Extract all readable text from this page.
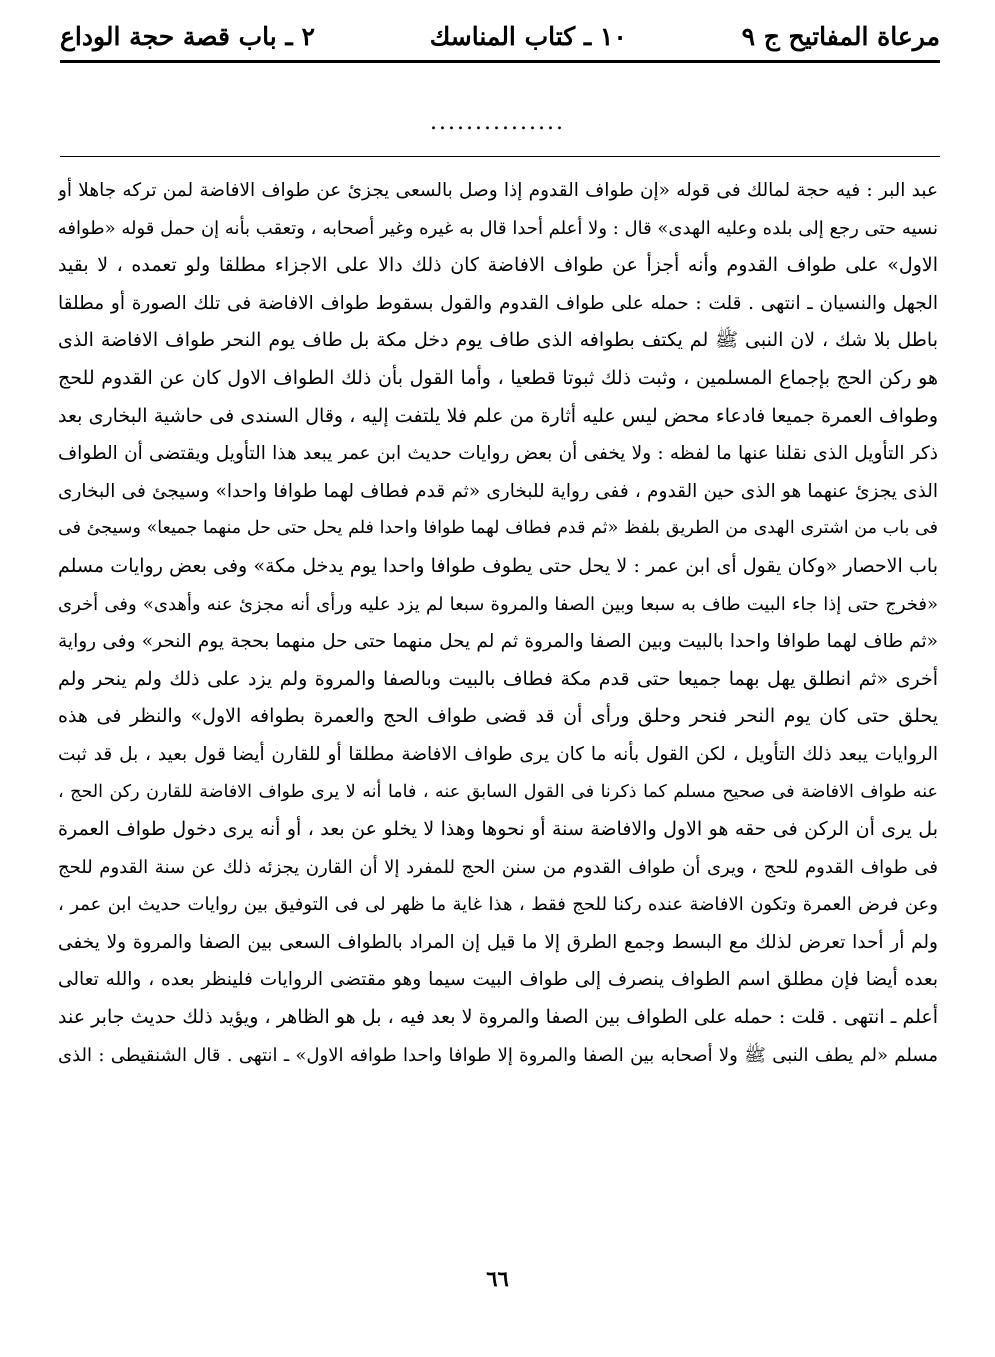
مرعاة المفاتيح ج ٩
١٠ ـ كتاب المناسك
٢ ـ باب قصة حجة الوداع
...............
عبد البر : فيه حجة لمالك فى قوله «إن طواف القدوم إذا وصل بالسعى يجزئ عن طواف الافاضة لمن تركه جاهلا أو
نسيه حتى رجع إلى بلده وعليه الهدى» قال : ولا أعلم أحدا قال به غيره وغير أصحابه ، وتعقب بأنه إن حمل قوله «طوافه
الاول» على طواف القدوم وأنه أجزأ عن طواف الافاضة كان ذلك دالا على الاجزاء مطلقا ولو تعمده ، لا بقيد
الجهل والنسيان ـ انتهى . قلت : حمله على طواف القدوم والقول بسقوط طواف الافاضة فى تلك الصورة أو مطلقا
باطل بلا شك ، لان النبى ﷺ لم يكتف بطوافه الذى طاف يوم دخل مكة بل طاف يوم النحر طواف الافاضة الذى
هو ركن الحج بإجماع المسلمين ، وثبت ذلك ثبوتا قطعيا ، وأما القول بأن ذلك الطواف الاول كان عن القدوم للحج
وطواف العمرة جميعا فادعاء محض ليس عليه أثارة من علم فلا يلتفت إليه ، وقال السندى فى حاشية البخارى بعد
ذكر التأويل الذى نقلنا عنها ما لفظه : ولا يخفى أن بعض روايات حديث ابن عمر يبعد هذا التأويل ويقتضى أن الطواف
الذى يجزئ عنهما هو الذى حين القدوم ، ففى رواية للبخارى «ثم قدم فطاف لهما طوافا واحدا» وسيجئ فى البخارى
فى باب من اشترى الهدى من الطريق بلفظ «ثم قدم فطاف لهما طوافا واحدا فلم يحل حتى حل منهما جميعا» وسيجئ فى
باب الاحصار «وكان يقول أى ابن عمر : لا يحل حتى يطوف طوافا واحدا يوم يدخل مكة» وفى بعض روايات مسلم
«فخرج حتى إذا جاء البيت طاف به سبعا وبين الصفا والمروة سبعا لم يزد عليه ورأى أنه مجزئ عنه وأهدى» وفى أخرى
«ثم طاف لهما طوافا واحدا بالبيت وبين الصفا والمروة ثم لم يحل منهما حتى حل منهما بحجة يوم النحر» وفى رواية
أخرى «ثم انطلق يهل بهما جميعا حتى قدم مكة فطاف بالبيت وبالصفا والمروة ولم يزد على ذلك ولم ينحر ولم
يحلق حتى كان يوم النحر فنحر وحلق ورأى أن قد قضى طواف الحج والعمرة بطوافه الاول» والنظر فى هذه
الروايات يبعد ذلك التأويل ، لكن القول بأنه ما كان يرى طواف الافاضة مطلقا أو للقارن أيضا قول بعيد ، بل قد ثبت
عنه طواف الافاضة فى صحيح مسلم كما ذكرنا فى القول السابق عنه ، فاما أنه لا يرى طواف الافاضة للقارن ركن الحج ،
بل يرى أن الركن فى حقه هو الاول والافاضة سنة أو نحوها وهذا لا يخلو عن بعد ، أو أنه يرى دخول طواف العمرة
فى طواف القدوم للحج ، ويرى أن طواف القدوم من سنن الحج للمفرد إلا أن القارن يجزئه ذلك عن سنة القدوم للحج
وعن فرض العمرة وتكون الافاضة عنده ركنا للحج فقط ، هذا غاية ما ظهر لى فى التوفيق بين روايات حديث ابن عمر ،
ولم أر أحدا تعرض لذلك مع البسط وجمع الطرق إلا ما قيل إن المراد بالطواف السعى بين الصفا والمروة ولا يخفى
بعده أيضا فإن مطلق اسم الطواف ينصرف إلى طواف البيت سيما وهو مقتضى الروايات فلينظر بعده ، والله تعالى
أعلم ـ انتهى . قلت : حمله على الطواف بين الصفا والمروة لا بعد فيه ، بل هو الظاهر ، ويؤيد ذلك حديث جابر عند
مسلم «لم يطف النبى ﷺ ولا أصحابه بين الصفا والمروة إلا طوافا واحدا طوافه الاول» ـ انتهى . قال الشنقيطى : الذى
٦٦
